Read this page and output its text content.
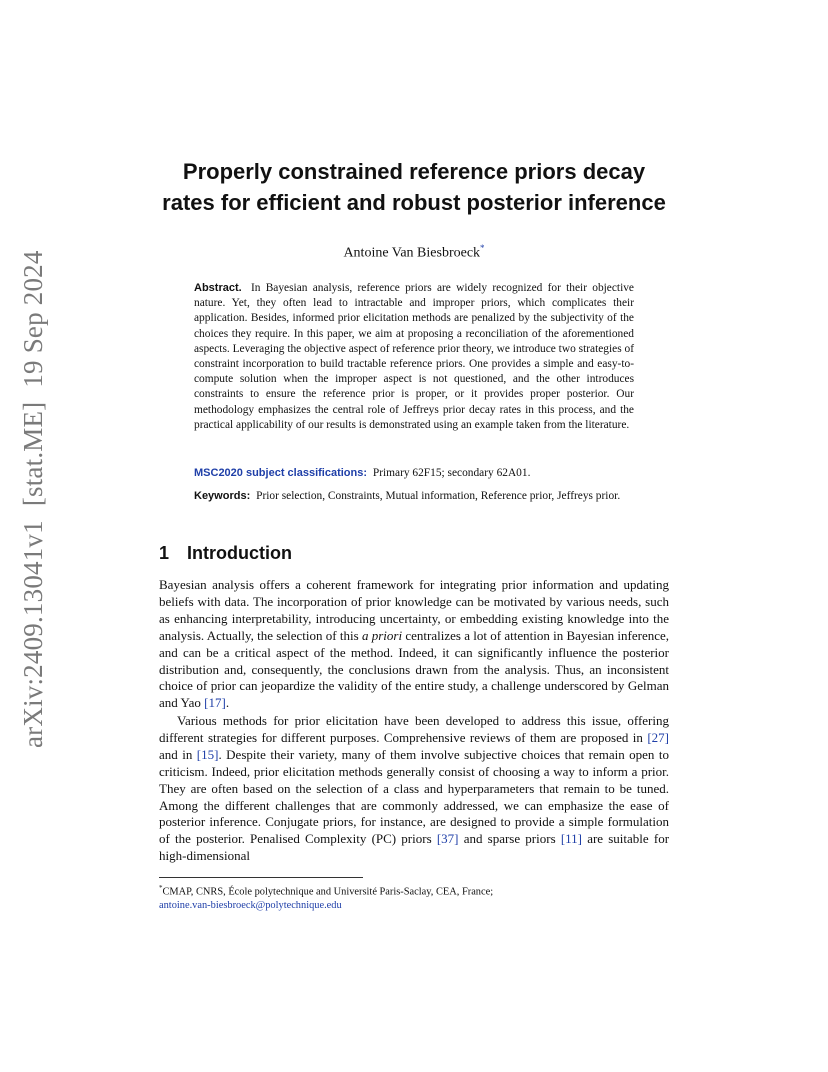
arXiv:2409.13041v1[stat.ME]19 Sep 2024
Properly constrained reference priors decay
rates for efficient and robust posterior inference
Antoine Van Biesbroeck*
Abstract. In Bayesian analysis, reference priors are widely recognized for their objective nature. Yet, they often lead to intractable and improper priors, which complicates their application. Besides, informed prior elicitation methods are penalized by the subjectivity of the choices they require. In this paper, we aim at proposing a reconciliation of the aforementioned aspects. Leveraging the objective aspect of reference prior theory, we introduce two strategies of constraint incorporation to build tractable reference priors. One provides a simple and easy-to-compute solution when the improper aspect is not questioned, and the other introduces constraints to ensure the reference prior is proper, or it provides proper posterior. Our methodology emphasizes the central role of Jeffreys prior decay rates in this process, and the practical applicability of our results is demonstrated using an example taken from the literature.
MSC2020 subject classifications: Primary 62F15; secondary 62A01.
Keywords: Prior selection, Constraints, Mutual information, Reference prior, Jeffreys prior.
1 Introduction

Bayesian analysis offers a coherent framework for integrating prior information and updating beliefs with data. The incorporation of prior knowledge can be motivated by various needs, such as enhancing interpretability, introducing uncertainty, or embedding existing knowledge into the analysis. Actually, the selection of this a priori centralizes a lot of attention in Bayesian inference, and can be a critical aspect of the method. Indeed, it can significantly influence the posterior distribution and, consequently, the conclusions drawn from the analysis. Thus, an inconsistent choice of prior can jeopardize the validity of the entire study, a challenge underscored by Gelman and Yao [17].

Various methods for prior elicitation have been developed to address this issue, offering different strategies for different purposes. Comprehensive reviews of them are proposed in [27] and in [15]. Despite their variety, many of them involve subjective choices that remain open to criticism. Indeed, prior elicitation methods generally consist of choosing a way to inform a prior. They are often based on the selection of a class and hyperparameters that remain to be tuned. Among the different challenges that are commonly addressed, we can emphasize the ease of posterior inference. Conjugate priors, for instance, are designed to provide a simple formulation of the posterior. Penalised Complexity (PC) priors [37] and sparse priors [11] are suitable for high-dimensional

*CMAP, CNRS, École polytechnique and Université Paris-Saclay, CEA, France;
antoine.van-biesbroeck@polytechnique.edu
